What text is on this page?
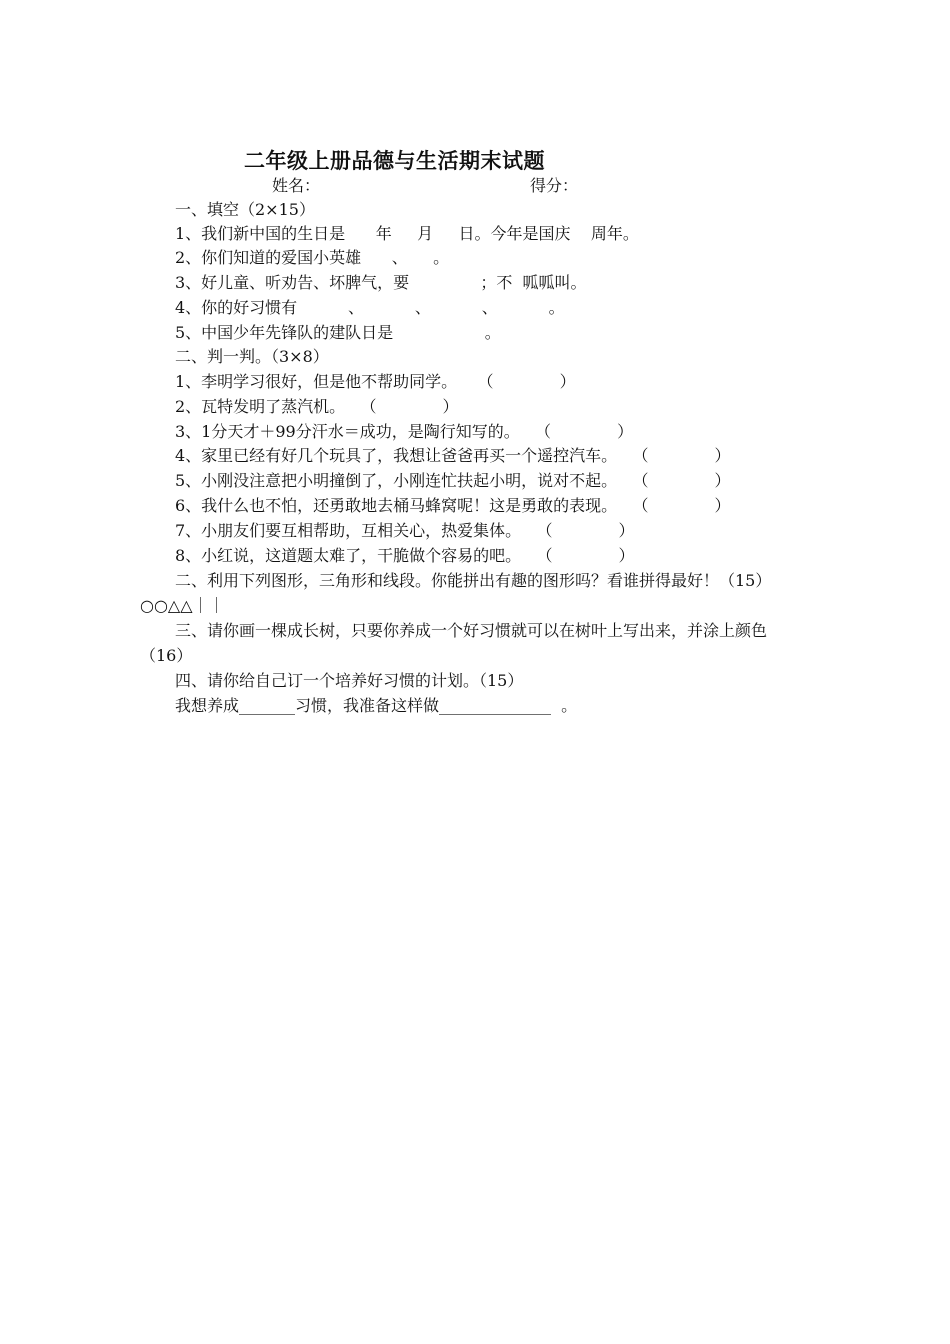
二年级上册品德与生活期末试题
姓名：	得分：
一、填空（2×15）
1、我们新中国的生日是      年     月     日。今年是国庆    周年。
2、你们知道的爱国小英雄      、     。
3、好儿童、听劝告、坏脾气，要              ；不  呱呱叫。
4、你的好习惯有          、          、          、          。
5、中国少年先锋队的建队日是                  。
二、判一判。（3×8）
1、李明学习很好，但是他不帮助同学。    （             ）
2、瓦特发明了蒸汽机。   （             ）
3、1分天才＋99分汗水＝成功，是陶行知写的。   （             ）
4、家里已经有好几个玩具了，我想让爸爸再买一个遥控汽车。   （             ）
5、小刚没注意把小明撞倒了，小刚连忙扶起小明，说对不起。   （             ）
6、我什么也不怕，还勇敢地去桶马蜂窝呢！这是勇敢的表现。   （             ）
7、小朋友们要互相帮助，互相关心，热爱集体。   （             ）
8、小红说，这道题太难了，干脆做个容易的吧。   （             ）
二、利用下列图形，三角形和线段。你能拼出有趣的图形吗？看谁拼得最好！（15）
○○△△｜｜
三、请你画一棵成长树，只要你养成一个好习惯就可以在树叶上写出来，并涂上颜色
（16）
四、请你给自己订一个培养好习惯的计划。（15）
我想养成_______习惯，我准备这样做______________  。
